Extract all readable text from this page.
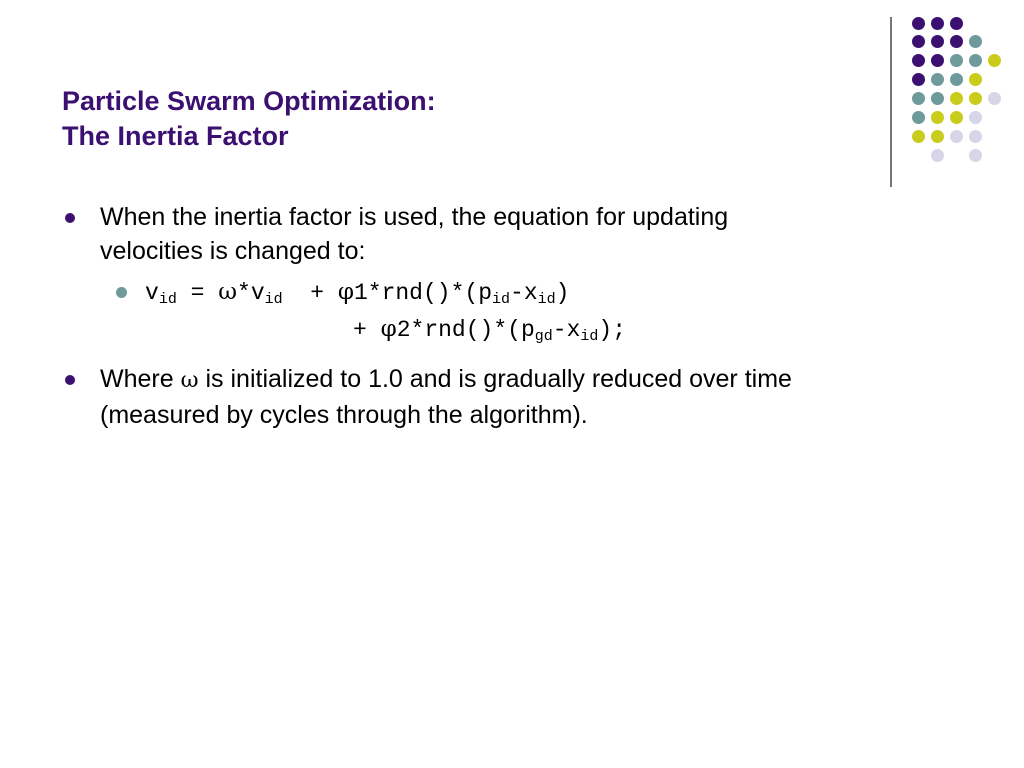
Particle Swarm Optimization:
The Inertia Factor
When the inertia factor is used, the equation for updating
velocities is changed to:
$v_{id} = \omega*v_{id} + \varphi 1*rnd()*(p_{id}-x_{id})$
+ $\varphi 2*rnd()*(p_{gd}-x_{id})$;
Where ω is initialized to 1.0 and is gradually reduced over time
(measured by cycles through the algorithm).
